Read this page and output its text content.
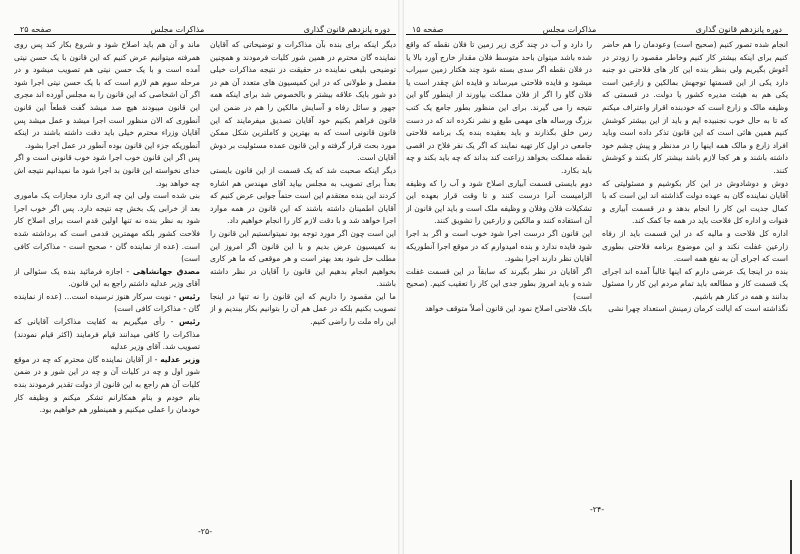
دوره پانزدهم قانون گذاری
مذاکرات مجلس
صفحه ۲۵

دیگر اینکه برای بنده بآن مذاکرات و توضیحاتی که آقایان نماینده گان محترم در همین شور کلیات فرمودند و همچنین توضیحی بلیغی نماینده در حقیقت در نتیجه مذاکرات خیلی مفصل و طولانی که در این کمیسیون های متعدد آن هم در دو شور بایک علاقه بیشتر و بالخصوص شد برای اینکه همه جهور و سائل رفاه و آسایش مالکین را هم در ضمن این قانون فراهم بکنیم خود آقایان تصدیق میفرمایند که این قانون قانونی است که به بهترین و کاملترین شکل ممکن مورد بحث قرار گرفته و این قانون عمده مسئولیت بر دوش آقایان است.

دیگر اینکه صحبت شد که یک قسمت از این قانون بایستی بعداً برای تصویب به مجلس بیاید آقای مهندس هم اشاره کردند این بنده معتقدم این است حتماً جوابی عرض کنیم که آقایان اطمینان داشته باشند که این قانون در همه موارد اجرا خواهد شد و با دقت لازم کار را انجام خواهیم داد.

این است چون اگر مورد توجه بود نمیتوانستیم این قانون را به کمیسیون عرض بدیم و با این قانون اگر امروز این مطلب حل شود بعد بهتر است و هر موقعی که ما هر کاری بخواهیم انجام بدهیم این قانون را آقایان در نظر داشته باشند.

ما این مقصود را داریم که این قانون را نه تنها در اینجا تصویب بکنیم بلکه در عمل هم آن را بتوانیم بکار ببندیم و از این راه ملت را راضی کنیم.

ماند و آن هم باید اصلاح شود و شروع بکار کند پس روی همرفته میتوانیم عرض کنیم که این قانون با یک حسن نیتی آمده است و با یک حسن نیتی هم تصویب میشود و در مرحله سوم هم لازم است که با یک حسن نیتی اجرا شود اگر آن اشخاصی که این قانون را به مجلس آورده اند مجری این قانون میبودند هیچ صد میشد گفت قطعاً این قانون آنطوری که الان منظور است اجرا میشد و عمل میشد پس آقایان وزراء محترم خیلی باید دقت داشته باشند در اینکه آنطوریکه جزء این قانون بوده آنطور در عمل اجرا بشود.

پس اگر این قانون خوب اجرا شود خوب قانونی است و اگر خدای نخواسته این قانون بد اجرا شود ما نمیدانیم نتیجه اش چه خواهد بود.

بنی شده است ولی این چه اثری دارد مجازات یک ماموری بعد از خرابی یک بخش چه نتیجه دارد. پس اگر خوب اجرا شود به نظر بنده نه تنها اولین قدم است برای اصلاح کار فلاحت کشور بلکه مهمترین قدمی است که برداشته شده است. (عده از نماینده گان - صحیح است - مذاکرات کافی است)

مصدق جهانشاهی - اجازه فرمائید بنده یک سئوالی از آقای وزیر عدلیه داشتم راجع به این قانون.

رئیس - نوبت سرکار هنوز نرسیده است... (عده از نماینده گان - مذاکرات کافی است)

رئیس - رأی میگیریم به کفایت مذاکرات آقایانی که مذاکرات را کافی میدانند قیام فرمایند (اکثر قیام نمودند) تصویب شد. آقای وزیر عدلیه

وزیر عدلیه - از آقایان نماینده گان محترم که چه در موقع شور اول و چه در کلیات آن و چه در این شور و در ضمن کلیات آن هم راجع به این قانون از دولت تقدیر فرمودند بنده بنام خودم و بنام همکارانم تشکر میکنم و وظیفه کار خودمان را عملی میکنیم و همینطور هم خواهیم بود.

-۲۵-
دوره پانزدهم قانون گذاری
مذاکرات مجلس
صفحه ۱۵

انجام شده تصور کنیم (صحیح است) وعودمان را هم حاضر کنیم برای اینکه بیشتر کار کنیم وخاطر مقصود را زودتر در آغوش بگیریم ولی بنظر بنده این کار های فلاحتی دو جنبه دارد یکی از این قسمتها توجهش بمالکین و زارعین است یکی هم به هیئت مدیره کشور یا دولت. در قسمتی که وظیفه مالک و زارع است که خودبنده اقرار واعتراف میکنم که تا به حال خوب نجنبیده ایم و باید از این بیشتر کوشش کنیم همین هائی است که این قانون تذکر داده است وباید افراد زارع و مالک همه اینها را در مدنظر و پیش چشم خود داشته باشند و هر کجا لازم باشد بیشتر کار بکنند و کوشش کنند.

دوش و دوشادوش در این کار بکوشیم و مسئولیتی که آقایان نماینده گان به عهده دولت گذاشته اند این است که با کمال جدیت این کار را انجام بدهد و در قسمت آبیاری و قنوات و اداره کل فلاحت باید در همه جا کمک کند.

اداره کل فلاحت و مالیه که در این قسمت باید از رفاه زارعین غفلت نکند و این موضوع برنامه فلاحتی بطوری است که اجرای آن به نفع همه است.

بنده در اینجا یک عرضی دارم که اینها غالباً آمده اند اجرای یک قسمت کار و مطالعه باید تمام مردم این کار را مسئول بدانند و همه در کنار هم باشیم.

نگذاشته است که ایالت کرمان زمینش استعداد چهرا نشی

را دارد و آب در چند گزی زیر زمین تا فلان نقطه که واقع شده باشد میتوان باحد متوسط فلان مقدار خارج آورد بالا یا در فلان نقطه اگر سدی بسته شود چند هکتار زمین سیراب میشود و فایده فلاحتی میرساند و فایده اش چقدر است یا فلان گاو را اگر از فلان مملکت بیاورند از اینطور گاو این نتیجه را می گیرند. برای این منظور بطور جامع یک کتب بزرگ ورساله های مهمی طبع و نشر نکرده اند که در دست رس خلق بگذارند و باید بعقیده بنده یک برنامه فلاحتی جامعی در اول کار تهیه نمایند که اگر یک نفر فلاح در اقصی نقطه مملکت بخواهد زراعت کند بداند که چه باید بکند و چه باید بکارد.

دوم بایستی قسمت آبیاری اصلاح شود و آب را که وظیفه الزامیست آنرا درست کنند و تا وقت قرار بعهده این تشکیلات فلان وفلان و وظیفه ملک است و باید این قانون از آن استفاده کنند و مالکین و زارعین را تشویق کنند.

این قانون اگر درست اجرا شود خوب است و اگر بد اجرا شود فایده ندارد و بنده امیدوارم که در موقع اجرا آنطوریکه آقایان نظر دارند اجرا بشود.

اگر آقایان در نظر بگیرند که سابقاً در این قسمت غفلت شده و باید امروز بطور جدی این کار را تعقیب کنیم. (صحیح است)

بابک فلاحتی اصلاح نمود این قانون أصلاً متوقف خواهد

-۲۴-
